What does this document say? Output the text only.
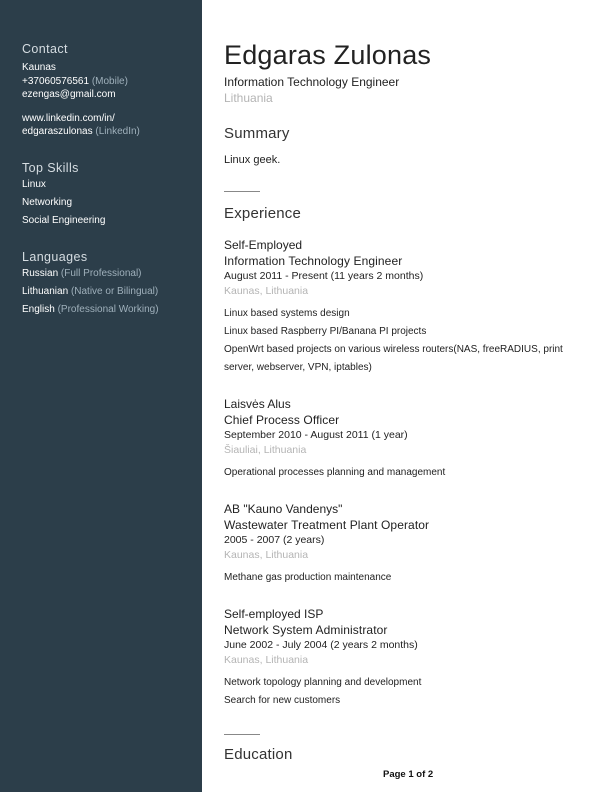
Contact
Kaunas
+37060576561 (Mobile)
ezengas@gmail.com
www.linkedin.com/in/
edgaraszulonas (LinkedIn)
Top Skills
Linux
Networking
Social Engineering
Languages
Russian (Full Professional)
Lithuanian (Native or Bilingual)
English (Professional Working)
Edgaras Zulonas
Information Technology Engineer
Lithuania
Summary
Linux geek.
Experience
Self-Employed
Information Technology Engineer
August 2011 - Present (11 years 2 months)
Kaunas, Lithuania
Linux based systems design
Linux based Raspberry PI/Banana PI projects
OpenWrt based projects on various wireless routers(NAS, freeRADIUS, print
server, webserver, VPN, iptables)
Laisvės Alus
Chief Process Officer
September 2010 - August 2011 (1 year)
Šiauliai, Lithuania
Operational processes planning and management
AB "Kauno Vandenys"
Wastewater Treatment Plant Operator
2005 - 2007 (2 years)
Kaunas, Lithuania
Methane gas production maintenance
Self-employed ISP
Network System Administrator
June 2002 - July 2004 (2 years 2 months)
Kaunas, Lithuania
Network topology planning and development
Search for new customers
Education
Page 1 of 2
